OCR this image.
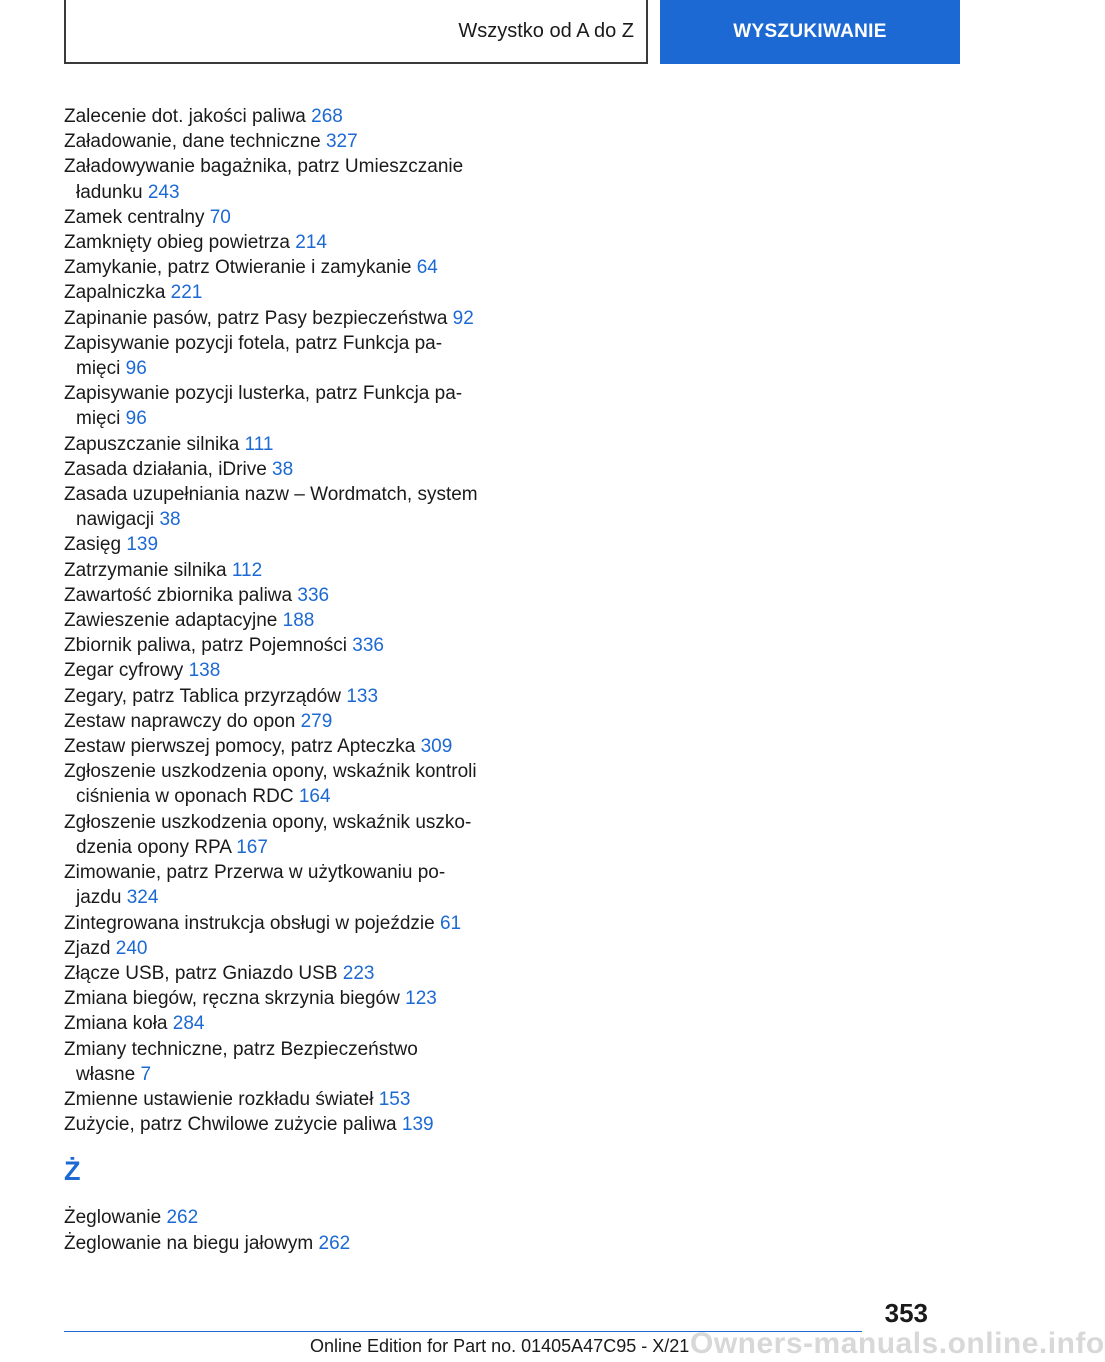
Wszystko od A do Z	WYSZUKIWANIE
Zalecenie dot. jakości paliwa 268
Załadowanie, dane techniczne 327
Załadowywanie bagażnika, patrz Umieszczanie
ładunku 243
Zamek centralny 70
Zamknięty obieg powietrza 214
Zamykanie, patrz Otwieranie i zamykanie 64
Zapalniczka 221
Zapinanie pasów, patrz Pasy bezpieczeństwa 92
Zapisywanie pozycji fotela, patrz Funkcja pa-
mięci 96
Zapisywanie pozycji lusterka, patrz Funkcja pa-
mięci 96
Zapuszczanie silnika 111
Zasada działania, iDrive 38
Zasada uzupełniania nazw – Wordmatch, system
nawigacji 38
Zasięg 139
Zatrzymanie silnika 112
Zawartość zbiornika paliwa 336
Zawieszenie adaptacyjne 188
Zbiornik paliwa, patrz Pojemności 336
Zegar cyfrowy 138
Zegary, patrz Tablica przyrządów 133
Zestaw naprawczy do opon 279
Zestaw pierwszej pomocy, patrz Apteczka 309
Zgłoszenie uszkodzenia opony, wskaźnik kontroli
ciśnienia w oponach RDC 164
Zgłoszenie uszkodzenia opony, wskaźnik uszko-
dzenia opony RPA 167
Zimowanie, patrz Przerwa w użytkowaniu po-
jazdu 324
Zintegrowana instrukcja obsługi w pojeździe 61
Zjazd 240
Złącze USB, patrz Gniazdo USB 223
Zmiana biegów, ręczna skrzynia biegów 123
Zmiana koła 284
Zmiany techniczne, patrz Bezpieczeństwo
własne 7
Zmienne ustawienie rozkładu świateł 153
Zużycie, patrz Chwilowe zużycie paliwa 139
Ż
Żeglowanie 262
Żeglowanie na biegu jałowym 262
353
Owners-manuals.online.info
Online Edition for Part no. 01405A47C95 - X/21
